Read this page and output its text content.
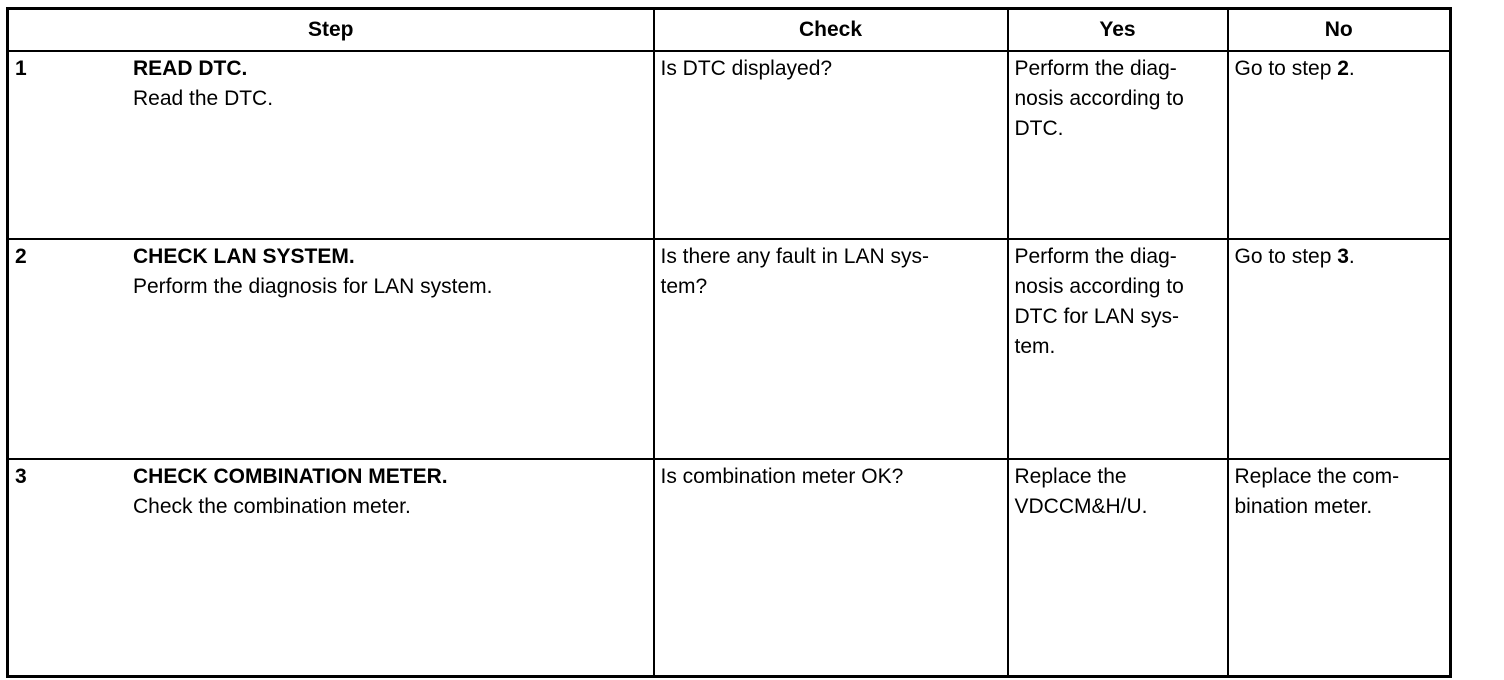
Step	Check	Yes	No

1 READ DTC.
Read the DTC.	Is DTC displayed?	Perform the diag-
nosis according to
DTC.	Go to step 2.

2 CHECK LAN SYSTEM.
Perform the diagnosis for LAN system.	Is there any fault in LAN sys-
tem?	Perform the diag-
nosis according to
DTC for LAN sys-
tem.	Go to step 3.

3 CHECK COMBINATION METER.
Check the combination meter.	Is combination meter OK?	Replace the
VDCCM&H/U.	Replace the com-
bination meter.
